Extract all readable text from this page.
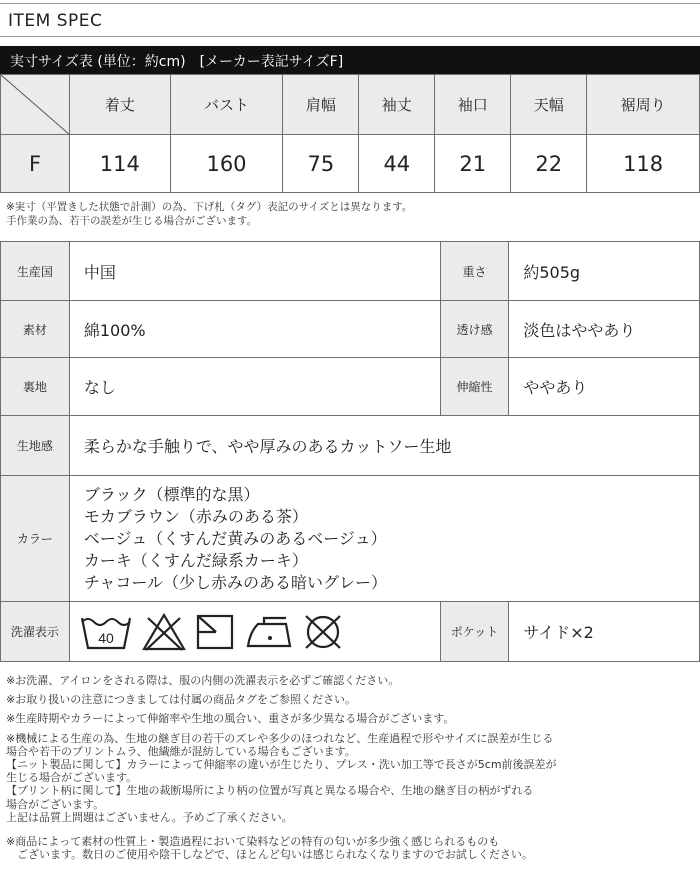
ITEM SPEC
実寸サイズ表 (単位：約cm)　[メーカー表記サイズF]
	着丈	バスト	肩幅	袖丈	袖口	天幅	裾周り
F	114	160	75	44	21	22	118
※実寸（平置きした状態で計測）の為、下げ札（タグ）表記のサイズとは異なります。
手作業の為、若干の誤差が生じる場合がございます。
生産国	中国	重さ	約505g
素材	綿100%	透け感	淡色はややあり
裏地	なし	伸縮性	ややあり
生地感	柔らかな手触りで、やや厚みのあるカットソー生地		
カラー	ブラック（標準的な黒）
モカブラウン（赤みのある茶）
ベージュ（くすんだ黄みのあるベージュ）
カーキ（くすんだ緑系カーキ）
チャコール（少し赤みのある暗いグレー）		

洗濯表示	40	ポケット	サイド×2

※お洗濯、アイロンをされる際は、服の内側の洗濯表示を必ずご確認ください。

※お取り扱いの注意につきましては付属の商品タグをご参照ください。

※生産時期やカラーによって伸縮率や生地の風合い、重さが多少異なる場合がございます。

※機械による生産の為、生地の継ぎ目の若干のズレや多少のほつれなど、生産過程で形やサイズに誤差が生じる
場合や若干のプリントムラ、他繊維が混紡している場合もございます。
【ニット製品に関して】カラーによって伸縮率の違いが生じたり、プレス・洗い加工等で長さが5cm前後誤差が
生じる場合がございます。
【プリント柄に関して】生地の裁断場所により柄の位置が写真と異なる場合や、生地の継ぎ目の柄がずれる
場合がございます。
上記は品質上問題はございません。予めご了承ください。

※商品によって素材の性質上・製造過程において染料などの特有の匂いが多少強く感じられるものも
　ございます。数日のご使用や陰干しなどで、ほとんど匂いは感じられなくなりますのでお試しください。
